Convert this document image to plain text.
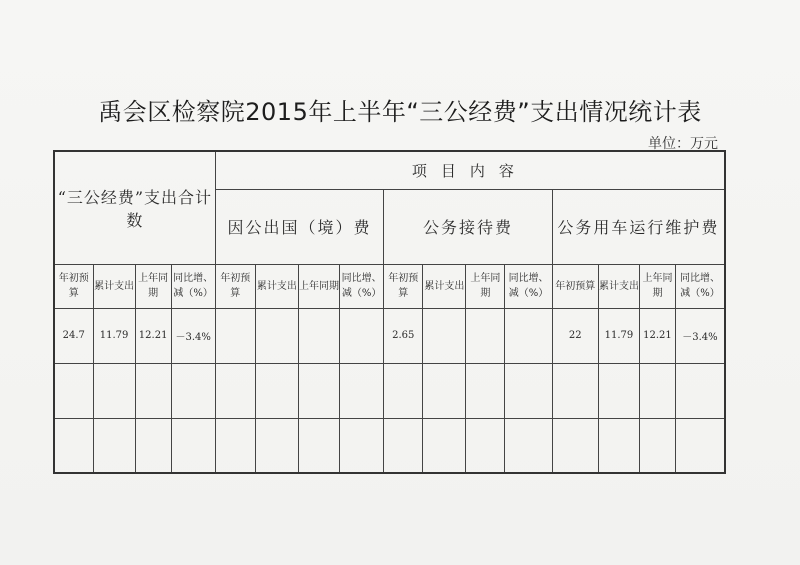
禹会区检察院2015年上半年“三公经费”支出情况统计表
单位：万元
“三公经费”支出合计数				项目内容											
				因公出国（境）费				公务接待费				公务用车运行维护费			
年初预算	累计支出	上年同期	同比增、减（%）	年初预算	累计支出	上年同期	同比增、减（%）	年初预算	累计支出	上年同期	同比增、减（%）	年初预算	累计支出	上年同期	同比增、减（%）
24.7	11.79	12.21	－3.4%					2.65				22	11.79	12.21	－3.4%
